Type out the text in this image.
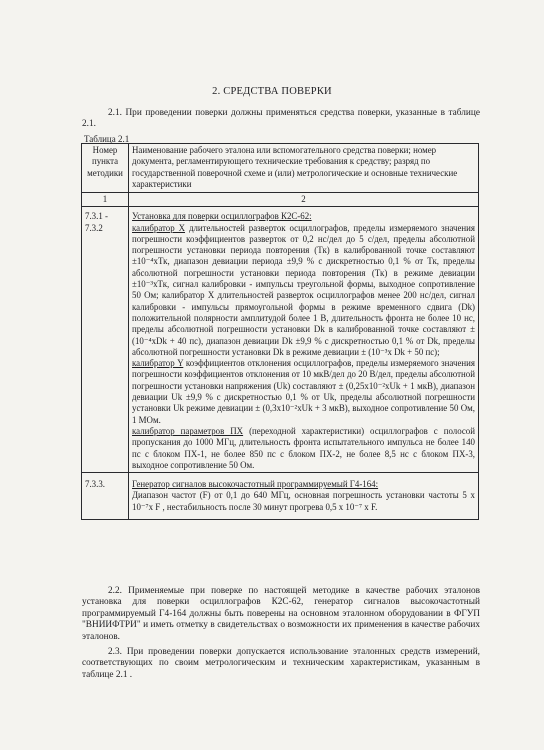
2. СРЕДСТВА ПОВЕРКИ
2.1. При проведении поверки должны применяться средства поверки, указанные в таблице 2.1.
Таблица 2.1
Номер пункта методики	Наименование рабочего эталона или вспомогательного средства поверки; номер документа, регламентирующего технические требования к средству; разряд по государственной поверочной схеме и (или) метрологические и основные технические характеристики
1	2
7.3.1 - 7.3.2	Установка для поверки осциллографов К2С-62:
калибратор X длительностей разверток осциллографов, пределы измеряемого значения погрешности коэффициентов разверток от 0,2 нс/дел до 5 с/дел, пределы абсолютной погрешности установки периода повторения (Тк) в калиброванной точке составляют ±10⁻⁴хТк, диапазон девиации периода ±9,9 % с дискретностью 0,1 % от Тк, пределы абсолютной погрешности установки периода повторения (Тк) в режиме девиации ±10⁻³хТк, сигнал калибровки - импульсы треугольной формы, выходное сопротивление 50 Ом; калибратор Х длительностей разверток осциллографов менее 200 нс/дел, сигнал калибровки - импульсы прямоугольной формы в режиме временного сдвига (Dk) положительной полярности амплитудой более 1 В, длительность фронта не более 10 нс, пределы абсолютной погрешности установки Dk в калиброванной точке составляют ± (10⁻⁴хDk + 40 пс), диапазон девиации Dk ±9,9 % с дискретностью 0,1 % от Dk, пределы абсолютной погрешности установки Dk в режиме девиации ± (10⁻³х Dk + 50 пс);
калибратор Y коэффициентов отклонения осциллографов, пределы измеряемого значения погрешности коэффициентов отклонения от 10 мкВ/дел до 20 В/дел, пределы абсолютной погрешности установки напряжения (Uk) составляют ± (0,25х10⁻²хUk + 1 мкВ), диапазон девиации Uk ±9,9 % с дискретностью 0,1 % от Uk, пределы абсолютной погрешности установки Uk режиме девиации ± (0,3х10⁻²хUk + 3 мкВ), выходное сопротивление 50 Ом, 1 МОм.
калибратор параметров ПХ (переходной характеристики) осциллографов с полосой пропускания до 1000 МГц, длительность фронта испытательного импульса не более 140 пс с блоком ПХ-1, не более 850 пс с блоком ПХ-2, не более 8,5 нс с блоком ПХ-3, выходное сопротивление 50 Ом.
7.3.3.	Генератор сигналов высокочастотный программируемый Г4-164:
Диапазон частот (F) от 0,1 до 640 МГц, основная погрешность установки частоты 5 х 10⁻⁷х F , нестабильность после 30 минут прогрева 0,5 х 10⁻⁷ х F.
2.2. Применяемые при поверке по настоящей методике в качестве рабочих эталонов установка для поверки осциллографов К2С-62, генератор сигналов высокочастотный программируемый Г4-164 должны быть поверены на основном эталонном оборудовании в ФГУП "ВНИИФТРИ" и иметь отметку в свидетельствах о возможности их применения в качестве рабочих эталонов.
2.3. При проведении поверки допускается использование эталонных средств измерений, соответствующих по своим метрологическим и техническим характеристикам, указанным в таблице 2.1 .
